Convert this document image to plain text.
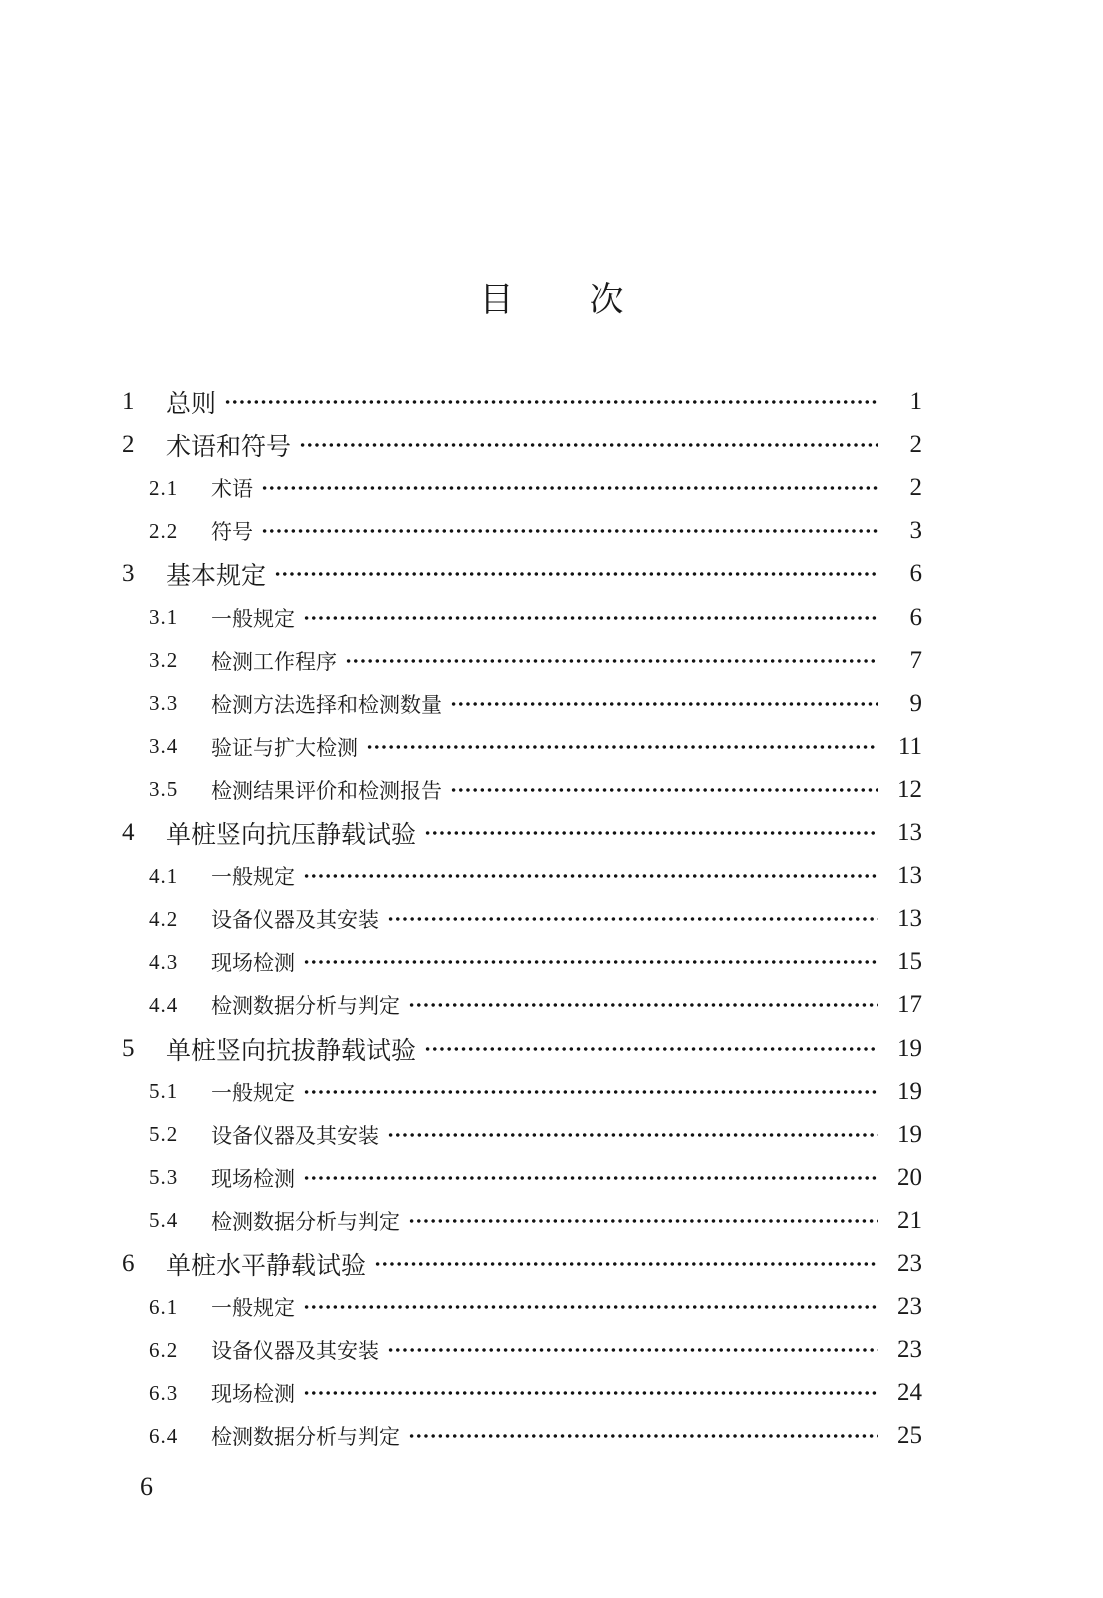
目 次
1	总则	1
2	术语和符号	2
2.1	术语	2
2.2	符号	3
3	基本规定	6
3.1	一般规定	6
3.2	检测工作程序	7
3.3	检测方法选择和检测数量	9
3.4	验证与扩大检测	11
3.5	检测结果评价和检测报告	12
4	单桩竖向抗压静载试验	13
4.1	一般规定	13
4.2	设备仪器及其安装	13
4.3	现场检测	15
4.4	检测数据分析与判定	17
5	单桩竖向抗拔静载试验	19
5.1	一般规定	19
5.2	设备仪器及其安装	19
5.3	现场检测	20
5.4	检测数据分析与判定	21
6	单桩水平静载试验	23
6.1	一般规定	23
6.2	设备仪器及其安装	23
6.3	现场检测	24
6.4	检测数据分析与判定	25
6
